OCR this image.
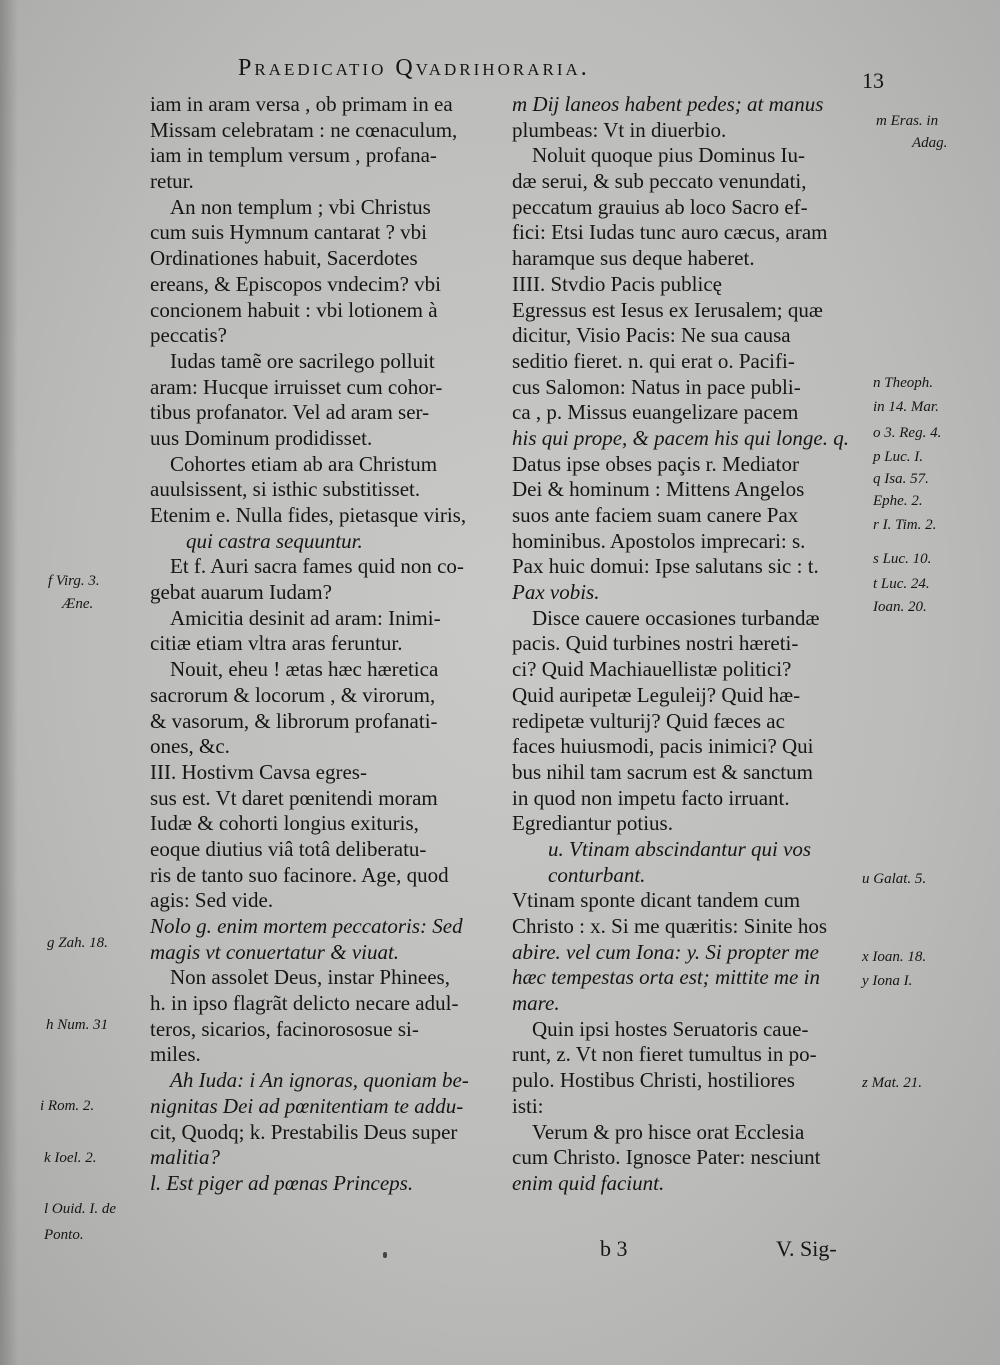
Praedicatio Qvadrihoraria.	13
iam in aram versa , ob primam in ea
Missam celebratam : ne cœnaculum,
iam in templum versum , profana-
retur.
An non templum ; vbi Christus
cum suis Hymnum cantarat ? vbi
Ordinationes habuit, Sacerdotes
ereans, & Episcopos vndecim? vbi
concionem habuit : vbi lotionem à
peccatis?
Iudas tamẽ ore sacrilego polluit
aram: Hucque irruisset cum cohor-
tibus profanator. Vel ad aram ser-
uus Dominum prodidisset.
Cohortes etiam ab ara Christum
auulsissent, si isthic substitisset.
Etenim e. Nulla fides, pietasque viris,
qui castra sequuntur.
Et f. Auri sacra fames quid non co-
gebat auarum Iudam?
Amicitia desinit ad aram: Inimi-
citiæ etiam vltra aras feruntur.
Nouit, eheu ! ætas hæc hæretica
sacrorum & locorum , & virorum,
& vasorum, & librorum profanati-
ones, &c.
III. Hostivm Cavsa egres-
sus est. Vt daret pœnitendi moram
Iudæ & cohorti longius exituris,
eoque diutius viâ totâ deliberatu-
ris de tanto suo facinore. Age, quod
agis: Sed vide.
Nolo g. enim mortem peccatoris: Sed
magis vt conuertatur & viuat.
Non assolet Deus, instar Phinees,
h. in ipso flagrãt delicto necare adul-
teros, sicarios, facinorososue si-
miles.
Ah Iuda: i An ignoras, quoniam be-
nignitas Dei ad pœnitentiam te addu-
cit, Quodq; k. Prestabilis Deus super
malitia?
l. Est piger ad pœnas Princeps.
m Dij laneos habent pedes; at manus
plumbeas: Vt in diuerbio.
Noluit quoque pius Dominus Iu-
dæ serui, & sub peccato venundati,
peccatum grauius ab loco Sacro ef-
fici: Etsi Iudas tunc auro cæcus, aram
haramque sus deque haberet.
IIII. Stvdio Pacis publicę
Egressus est Iesus ex Ierusalem; quæ
dicitur, Visio Pacis: Ne sua causa
seditio fieret. n. qui erat o. Pacifi-
cus Salomon: Natus in pace publi-
ca , p. Missus euangelizare pacem
his qui prope, & pacem his qui longe. q.
Datus ipse obses paçis r. Mediator
Dei & hominum : Mittens Angelos
suos ante faciem suam canere Pax
hominibus. Apostolos imprecari: s.
Pax huic domui: Ipse salutans sic : t.
Pax vobis.
Disce cauere occasiones turbandæ
pacis. Quid turbines nostri hæreti-
ci? Quid Machiauellistæ politici?
Quid auripetæ Leguleij? Quid hæ-
redipetæ vulturij? Quid fæces ac
faces huiusmodi, pacis inimici? Qui
bus nihil tam sacrum est & sanctum
in quod non impetu facto irruant.
Egrediantur potius.
u. Vtinam abscindantur qui vos
conturbant.
Vtinam sponte dicant tandem cum
Christo : x. Si me quæritis: Sinite hos
abire. vel cum Iona: y. Si propter me
hæc tempestas orta est; mittite me in
mare.
Quin ipsi hostes Seruatoris caue-
runt, z. Vt non fieret tumultus in po-
pulo. Hostibus Christi, hostiliores
isti:
Verum & pro hisce orat Ecclesia
cum Christo. Ignosce Pater: nesciunt
enim quid faciunt.
f Virg. 3.
Æne.
g Zah. 18.
h Num. 31
i Rom. 2.
k Ioel. 2.
l Ouid. I. de
Ponto.
m Eras. in
Adag.
n Theoph.
in 14. Mar.
o 3. Reg. 4.
p Luc. I.
q Isa. 57.
Ephe. 2.
r I. Tim. 2.
s Luc. 10.
t Luc. 24.
Ioan. 20.
u Galat. 5.
x Ioan. 18.
y Iona I.
z Mat. 21.
b 3	V. Sig-
